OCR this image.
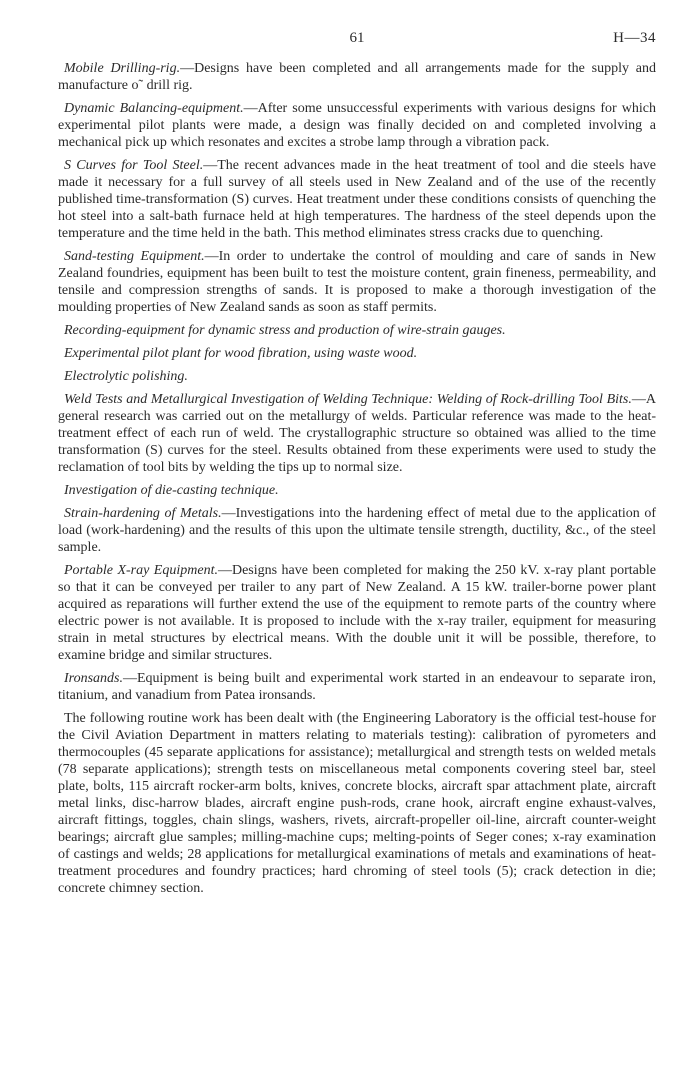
61	H—34

Mobile Drilling-rig.—Designs have been completed and all arrangements made for the supply and manufacture o˜ drill rig.

Dynamic Balancing-equipment.—After some unsuccessful experiments with various designs for which experimental pilot plants were made, a design was finally decided on and completed involving a mechanical pick up which resonates and excites a strobe lamp through a vibration pack.

S Curves for Tool Steel.—The recent advances made in the heat treatment of tool and die steels have made it necessary for a full survey of all steels used in New Zealand and of the use of the recently published time-transformation (S) curves. Heat treatment under these conditions consists of quenching the hot steel into a salt-bath furnace held at high temperatures. The hardness of the steel depends upon the temperature and the time held in the bath. This method eliminates stress cracks due to quenching.

Sand-testing Equipment.—In order to undertake the control of moulding and care of sands in New Zealand foundries, equipment has been built to test the moisture content, grain fineness, permeability, and tensile and compression strengths of sands. It is proposed to make a thorough investigation of the moulding properties of New Zealand sands as soon as staff permits.

Recording-equipment for dynamic stress and production of wire-strain gauges.

Experimental pilot plant for wood fibration, using waste wood.

Electrolytic polishing.

Weld Tests and Metallurgical Investigation of Welding Technique: Welding of Rock-drilling Tool Bits.—A general research was carried out on the metallurgy of welds. Particular reference was made to the heat-treatment effect of each run of weld. The crystallographic structure so obtained was allied to the time transformation (S) curves for the steel. Results obtained from these experiments were used to study the reclamation of tool bits by welding the tips up to normal size.

Investigation of die-casting technique.

Strain-hardening of Metals.—Investigations into the hardening effect of metal due to the application of load (work-hardening) and the results of this upon the ultimate tensile strength, ductility, &c., of the steel sample.

Portable X-ray Equipment.—Designs have been completed for making the 250 kV. x-ray plant portable so that it can be conveyed per trailer to any part of New Zealand. A 15 kW. trailer-borne power plant acquired as reparations will further extend the use of the equipment to remote parts of the country where electric power is not available. It is proposed to include with the x-ray trailer, equipment for measuring strain in metal structures by electrical means. With the double unit it will be possible, therefore, to examine bridge and similar structures.

Ironsands.—Equipment is being built and experimental work started in an endeavour to separate iron, titanium, and vanadium from Patea ironsands.

The following routine work has been dealt with (the Engineering Laboratory is the official test-house for the Civil Aviation Department in matters relating to materials testing): calibration of pyrometers and thermocouples (45 separate applications for assistance); metallurgical and strength tests on welded metals (78 separate applications); strength tests on miscellaneous metal components covering steel bar, steel plate, bolts, 115 aircraft rocker-arm bolts, knives, concrete blocks, aircraft spar attachment plate, aircraft metal links, disc-harrow blades, aircraft engine push-rods, crane hook, aircraft engine exhaust-valves, aircraft fittings, toggles, chain slings, washers, rivets, aircraft-propeller oil-line, aircraft counter-weight bearings; aircraft glue samples; milling-machine cups; melting-points of Seger cones; x-ray examination of castings and welds; 28 applications for metallurgical examinations of metals and examinations of heat-treatment procedures and foundry practices; hard chroming of steel tools (5); crack detection in die; concrete chimney section.
